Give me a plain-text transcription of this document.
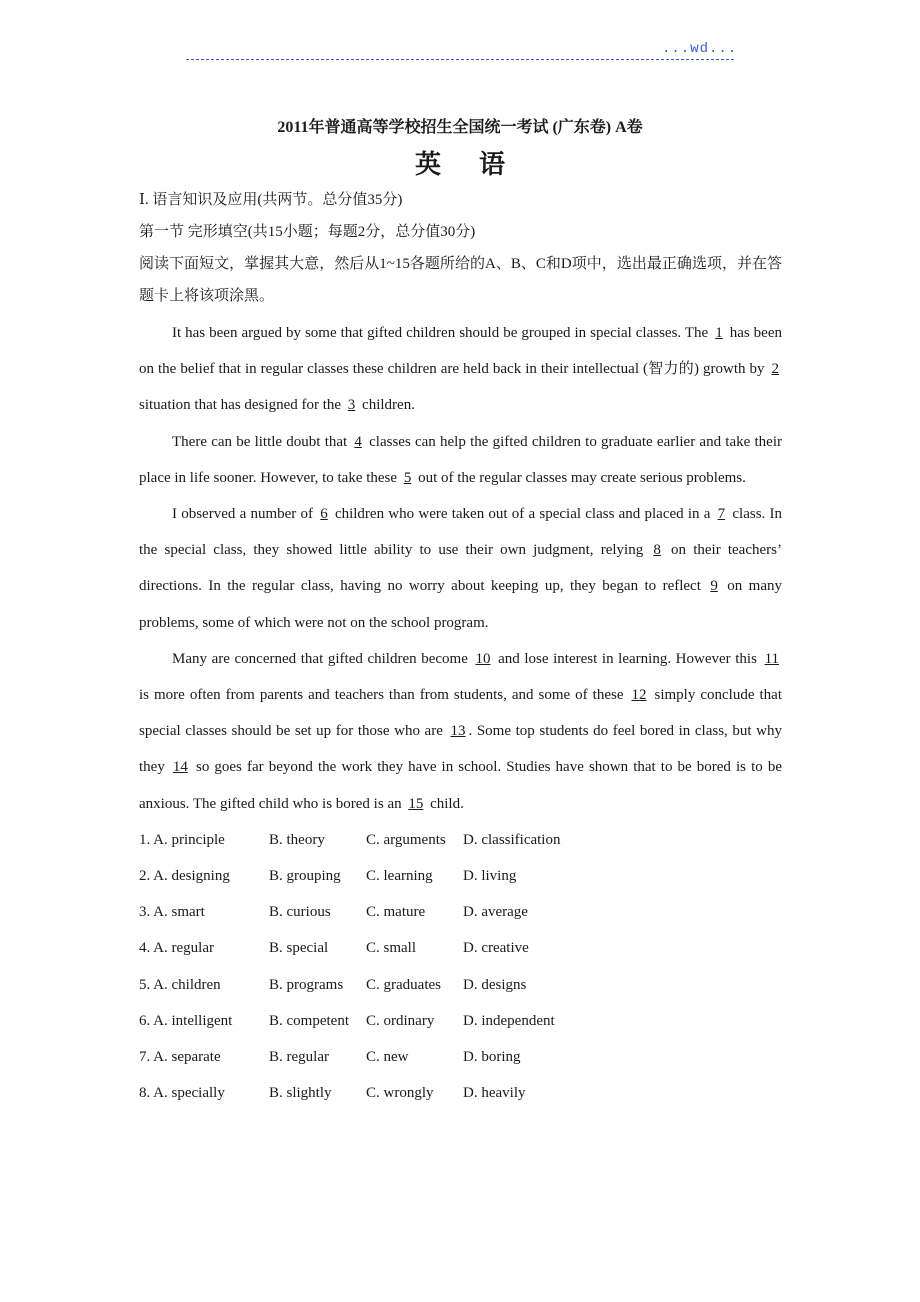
...wd...
2011年普通高等学校招生全国统一考试 (广东卷) A卷
英语

Ⅰ. 语言知识及应用(共两节。总分值35分)

第一节 完形填空(共15小题；每题2分，总分值30分)

阅读下面短文，掌握其大意，然后从1~15各题所给的A、B、C和D项中，选出最正确选项，并在答题卡上将该项涂黑。

It has been argued by some that gifted children should be grouped in special classes. The 1 has been on the belief that in regular classes these children are held back in their intellectual (智力的) growth by 2 situation that has designed for the 3 children.

There can be little doubt that 4 classes can help the gifted children to graduate earlier and take their place in life sooner. However, to take these 5 out of the regular classes may create serious problems.

I observed a number of 6 children who were taken out of a special class and placed in a 7 class. In the special class, they showed little ability to use their own judgment, relying 8 on their teachers’ directions. In the regular class, having no worry about keeping up, they began to reflect 9 on many problems, some of which were not on the school program.

Many are concerned that gifted children become 10 and lose interest in learning. However this 11 is more often from parents and teachers than from students, and some of these 12 simply conclude that special classes should be set up for those who are 13 . Some top students do feel bored in class, but why they 14 so goes far beyond the work they have in school. Studies have shown that to be bored is to be anxious. The gifted child who is bored is an 15 child.

1. A. principle	B. theory	C. arguments	D. classification
2. A. designing	B. grouping	C. learning	D. living
3. A. smart	B. curious	C. mature	D. average
4. A. regular	B. special	C. small	D. creative
5. A. children	B. programs	C. graduates	D. designs
6. A. intelligent	B. competent	C. ordinary	D. independent
7. A. separate	B. regular	C. new	D. boring
8. A. specially	B. slightly	C. wrongly	D. heavily
